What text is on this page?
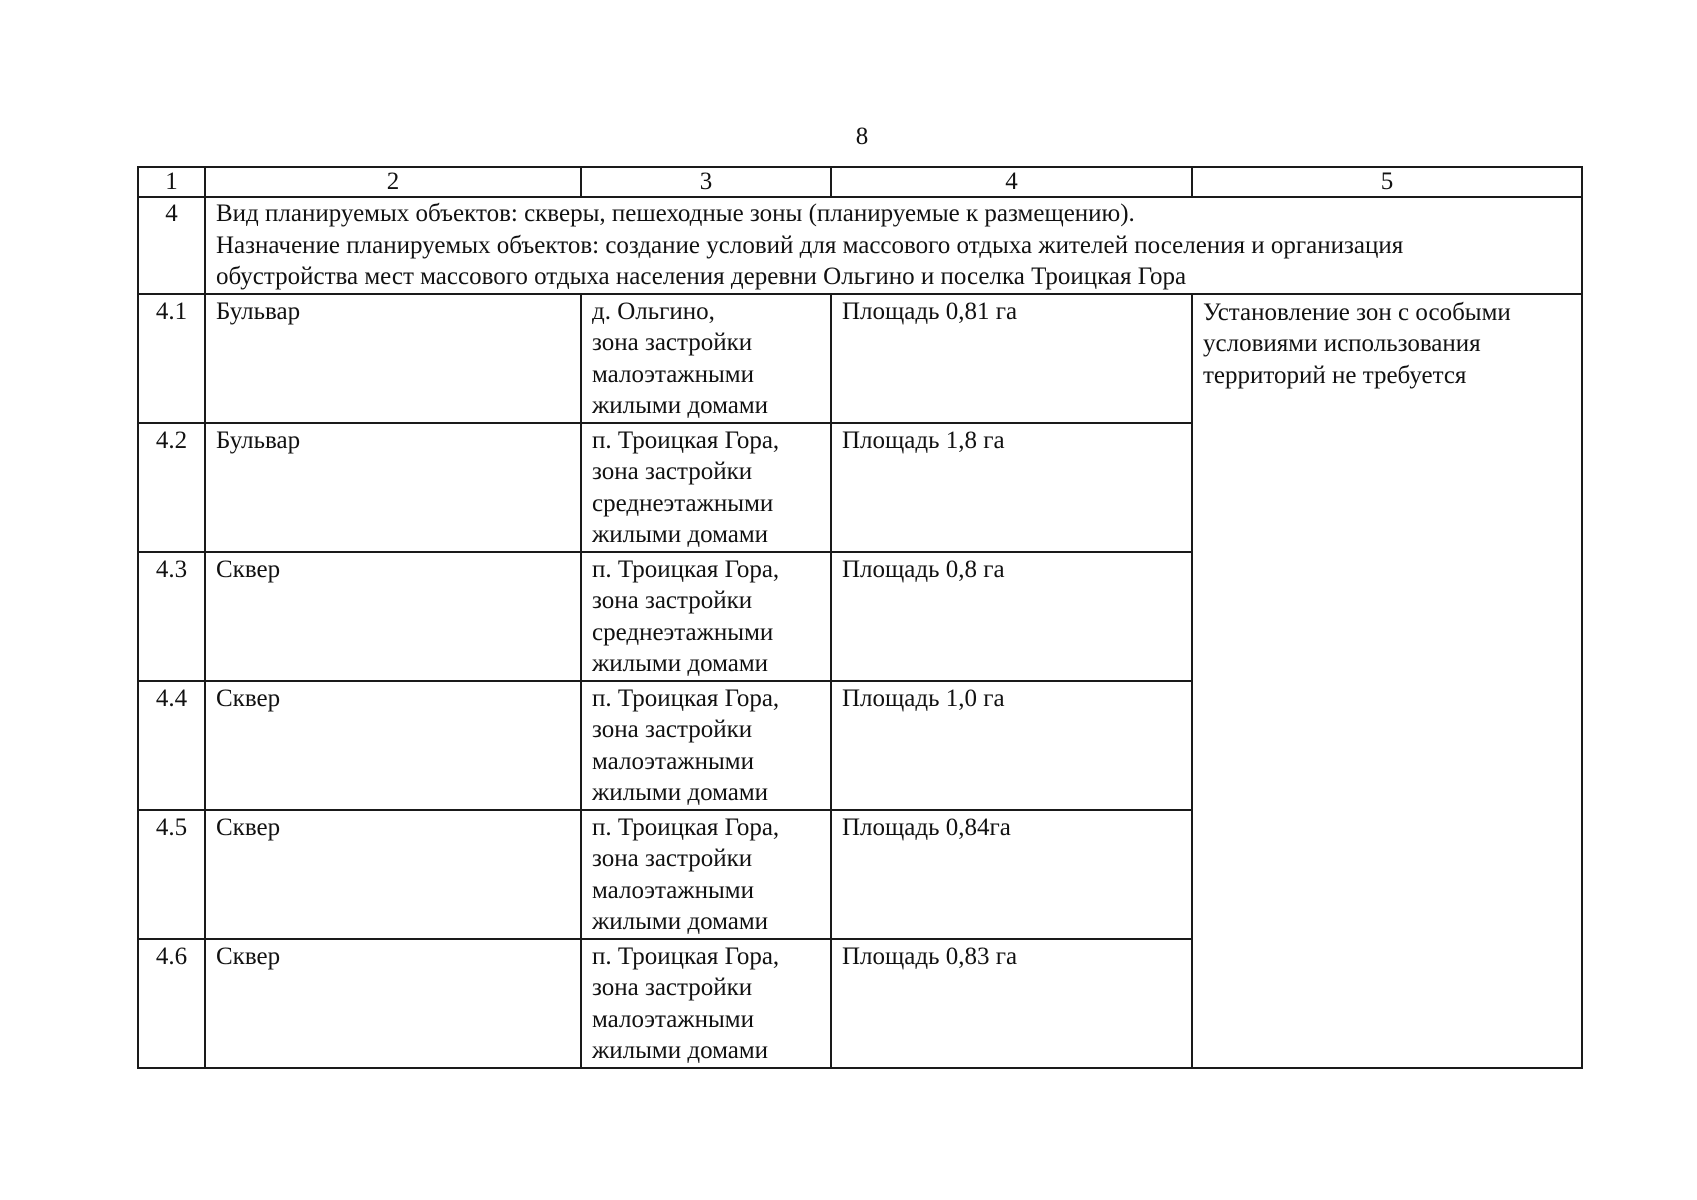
8
1	2	3	4	5
4	Вид планируемых объектов: скверы, пешеходные зоны (планируемые к размещению).
Назначение планируемых объектов: создание условий для массового отдыха жителей поселения и организация
обустройства мест массового отдыха населения деревни Ольгино и поселка Троицкая Гора			

4.1	Бульвар	д. Ольгино,
зона застройки
малоэтажными
жилыми домами	Площадь 0,81 га	Установление зон с особыми
условиями использования
территорий не требуется

4.2	Бульвар	п. Троицкая Гора,
зона застройки
среднеэтажными
жилыми домами	Площадь 1,8 га	
4.3	Сквер	п. Троицкая Гора,
зона застройки
среднеэтажными
жилыми домами	Площадь 0,8 га	
4.4	Сквер	п. Троицкая Гора,
зона застройки
малоэтажными
жилыми домами	Площадь 1,0 га	
4.5	Сквер	п. Троицкая Гора,
зона застройки
малоэтажными
жилыми домами	Площадь 0,84га	
4.6	Сквер	п. Троицкая Гора,
зона застройки
малоэтажными
жилыми домами	Площадь 0,83 га	
